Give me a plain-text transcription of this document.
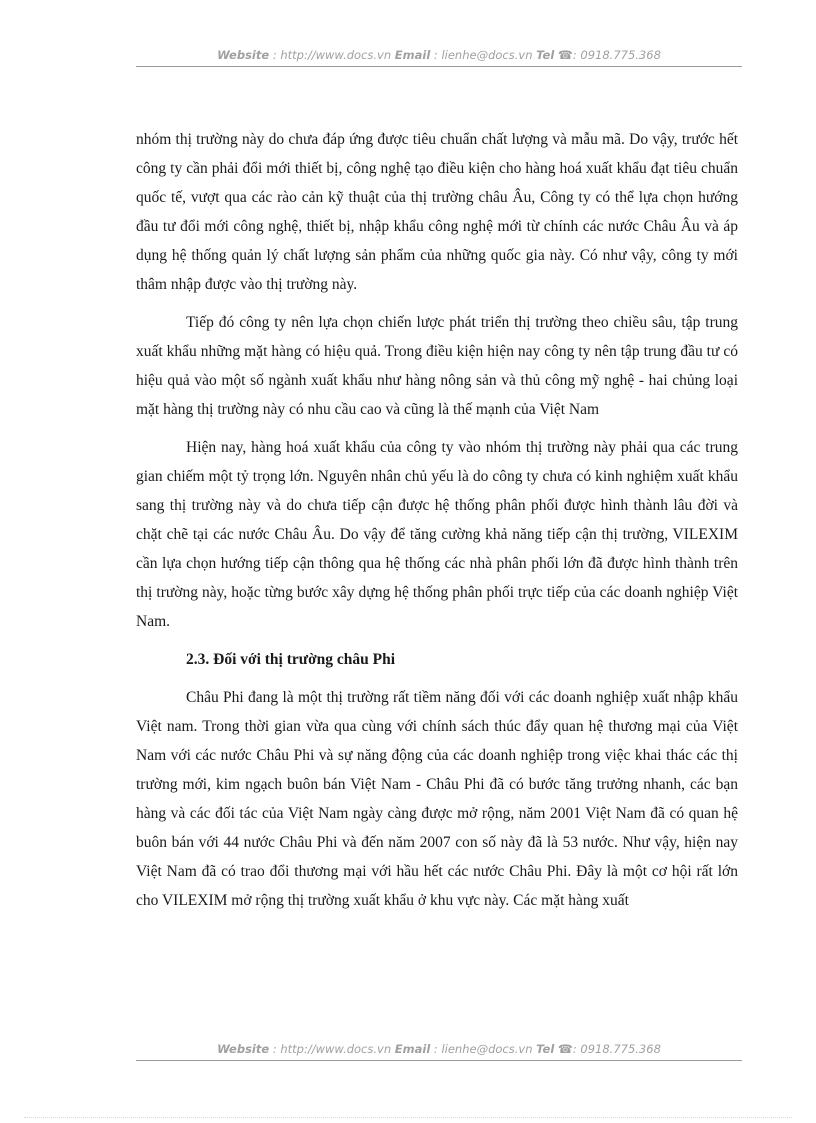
Website : http://www.docs.vn Email : lienhe@docs.vn Tel ☎: 0918.775.368

nhóm thị trường này do chưa đáp ứng được tiêu chuẩn chất lượng và mẫu mã. Do vậy, trước hết công ty cần phải đổi mới thiết bị, công nghệ tạo điều kiện cho hàng hoá xuất khẩu đạt tiêu chuẩn quốc tế, vượt qua các rào cản kỹ thuật của thị trường châu Âu, Công ty có thể lựa chọn hướng đầu tư đổi mới công nghệ, thiết bị, nhập khẩu công nghệ mới từ chính các nước Châu Âu và áp dụng hệ thống quản lý chất lượng sản phẩm của những quốc gia này. Có như vậy, công ty mới thâm nhập được vào thị trường này.

Tiếp đó công ty nên lựa chọn chiến lược phát triển thị trường theo chiều sâu, tập trung xuất khẩu những mặt hàng có hiệu quả. Trong điều kiện hiện nay công ty nên tập trung đầu tư có hiệu quả vào một số ngành xuất khẩu như hàng nông sản và thủ công mỹ nghệ - hai chủng loại mặt hàng thị trường này có nhu cầu cao và cũng là thế mạnh của Việt Nam

Hiện nay, hàng hoá xuất khẩu của công ty vào nhóm thị trường này phải qua các trung gian chiếm một tỷ trọng lớn. Nguyên nhân chủ yếu là do công ty chưa có kinh nghiệm xuất khẩu sang thị trường này và do chưa tiếp cận được hệ thống phân phối được hình thành lâu đời và chặt chẽ tại các nước Châu Âu. Do vậy để tăng cường khả năng tiếp cận thị trường, VILEXIM cần lựa chọn hướng tiếp cận thông qua hệ thống các nhà phân phối lớn đã được hình thành trên thị trường này, hoặc từng bước xây dựng hệ thống phân phối trực tiếp của các doanh nghiệp Việt Nam.

2.3. Đối với thị trường châu Phi

Châu Phi đang là một thị trường rất tiềm năng đối với các doanh nghiệp xuất nhập khẩu Việt nam. Trong thời gian vừa qua cùng với chính sách thúc đẩy quan hệ thương mại của Việt Nam với các nước Châu Phi và sự năng động của các doanh nghiệp trong việc khai thác các thị trường mới, kim ngạch buôn bán Việt Nam - Châu Phi đã có bước tăng trưởng nhanh, các bạn hàng và các đối tác của Việt Nam ngày càng được mở rộng, năm 2001 Việt Nam đã có quan hệ buôn bán với 44 nước Châu Phi và đến năm 2007 con số này đã là 53 nước. Như vậy, hiện nay Việt Nam đã có trao đổi thương mại với hầu hết các nước Châu Phi. Đây là một cơ hội rất lớn cho VILEXIM mở rộng thị trường xuất khẩu ở khu vực này. Các mặt hàng xuất

Website : http://www.docs.vn Email : lienhe@docs.vn Tel ☎: 0918.775.368
